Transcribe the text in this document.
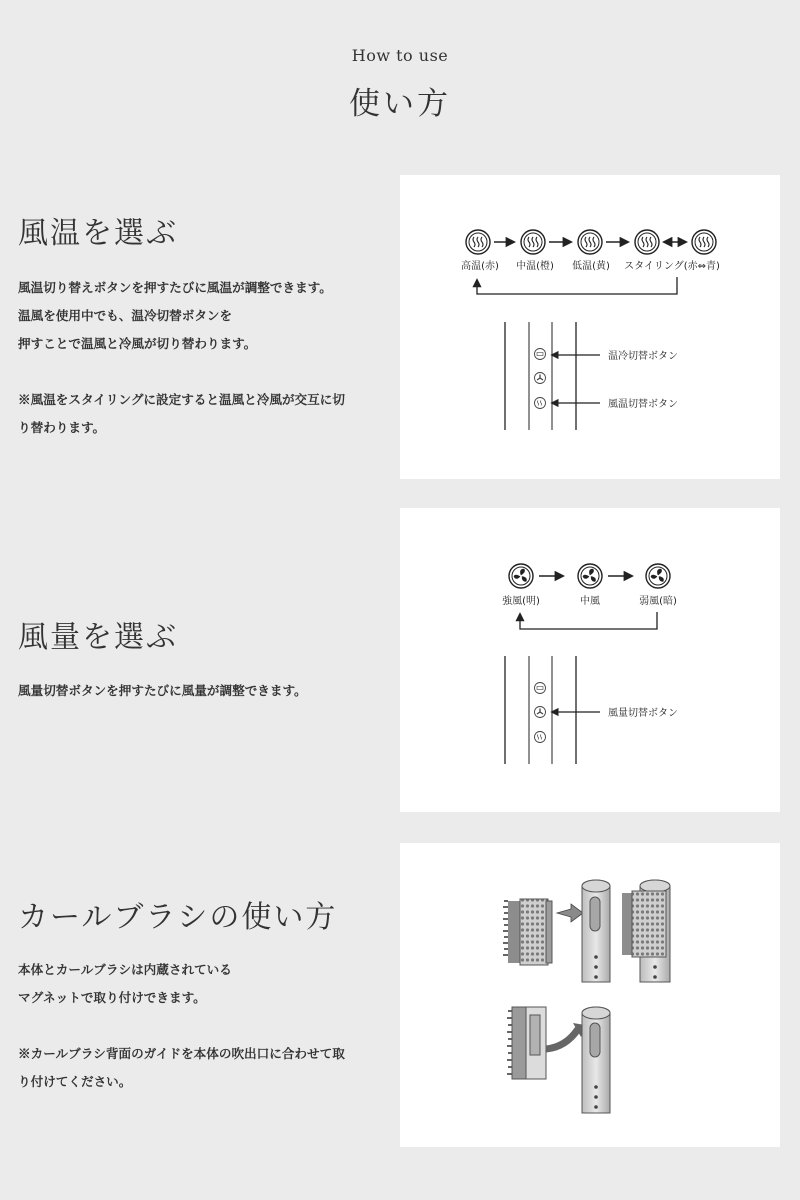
How to use
使い方
風温を選ぶ

風温切り替えボタンを押すたびに風温が調整できます。

温風を使用中でも、温冷切替ボタンを

押すことで温風と冷風が切り替わります。

※風温をスタイリングに設定すると温風と冷風が交互に切

り替わります。

高温(赤) 中温(橙) 低温(黄) スタイリング(赤⇔青)
温冷切替ボタン
風温切替ボタン
風量を選ぶ

風量切替ボタンを押すたびに風量が調整できます。

強風(明)	中風	弱風(暗)
風量切替ボタン
カールブラシの使い方

本体とカールブラシは内蔵されている

マグネットで取り付けできます。

※カールブラシ背面のガイドを本体の吹出口に合わせて取

り付けてください。
